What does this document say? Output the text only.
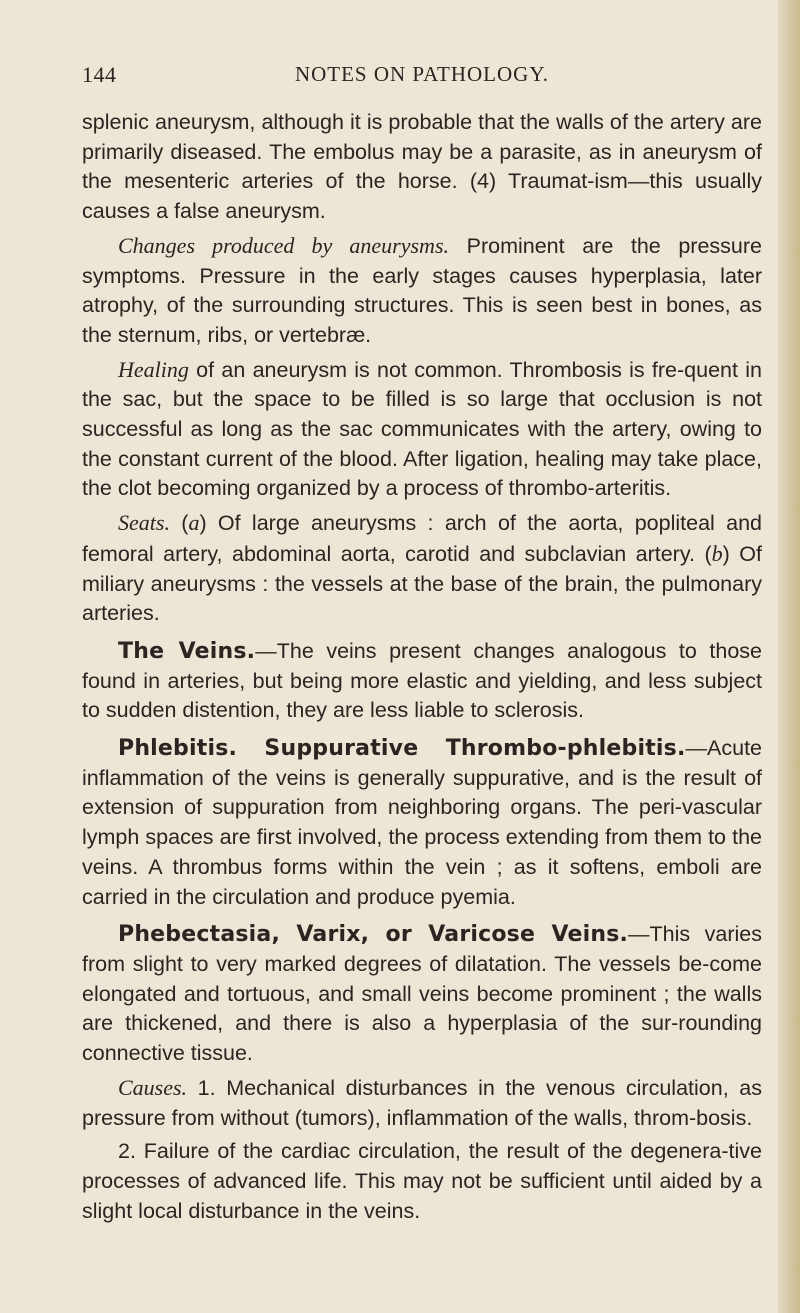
144	NOTES ON PATHOLOGY.

splenic aneurysm, although it is probable that the walls of the artery are primarily diseased. The embolus may be a parasite, as in aneurysm of the mesenteric arteries of the horse. (4) Traumat-ism—this usually causes a false aneurysm.

Changes produced by aneurysms. Prominent are the pressure symptoms. Pressure in the early stages causes hyperplasia, later atrophy, of the surrounding structures. This is seen best in bones, as the sternum, ribs, or vertebræ.

Healing of an aneurysm is not common. Thrombosis is fre-quent in the sac, but the space to be filled is so large that occlusion is not successful as long as the sac communicates with the artery, owing to the constant current of the blood. After ligation, healing may take place, the clot becoming organized by a process of thrombo-arteritis.

Seats. (a) Of large aneurysms : arch of the aorta, popliteal and femoral artery, abdominal aorta, carotid and subclavian artery. (b) Of miliary aneurysms : the vessels at the base of the brain, the pulmonary arteries.

The Veins.—The veins present changes analogous to those found in arteries, but being more elastic and yielding, and less subject to sudden distention, they are less liable to sclerosis.

Phlebitis. Suppurative Thrombo-phlebitis.—Acute inflammation of the veins is generally suppurative, and is the result of extension of suppuration from neighboring organs. The peri-vascular lymph spaces are first involved, the process extending from them to the veins. A thrombus forms within the vein ; as it softens, emboli are carried in the circulation and produce pyemia.

Phebectasia, Varix, or Varicose Veins.—This varies from slight to very marked degrees of dilatation. The vessels be-come elongated and tortuous, and small veins become prominent ; the walls are thickened, and there is also a hyperplasia of the sur-rounding connective tissue.

Causes. 1. Mechanical disturbances in the venous circulation, as pressure from without (tumors), inflammation of the walls, throm-bosis.

2. Failure of the cardiac circulation, the result of the degenera-tive processes of advanced life. This may not be sufficient until aided by a slight local disturbance in the veins.
